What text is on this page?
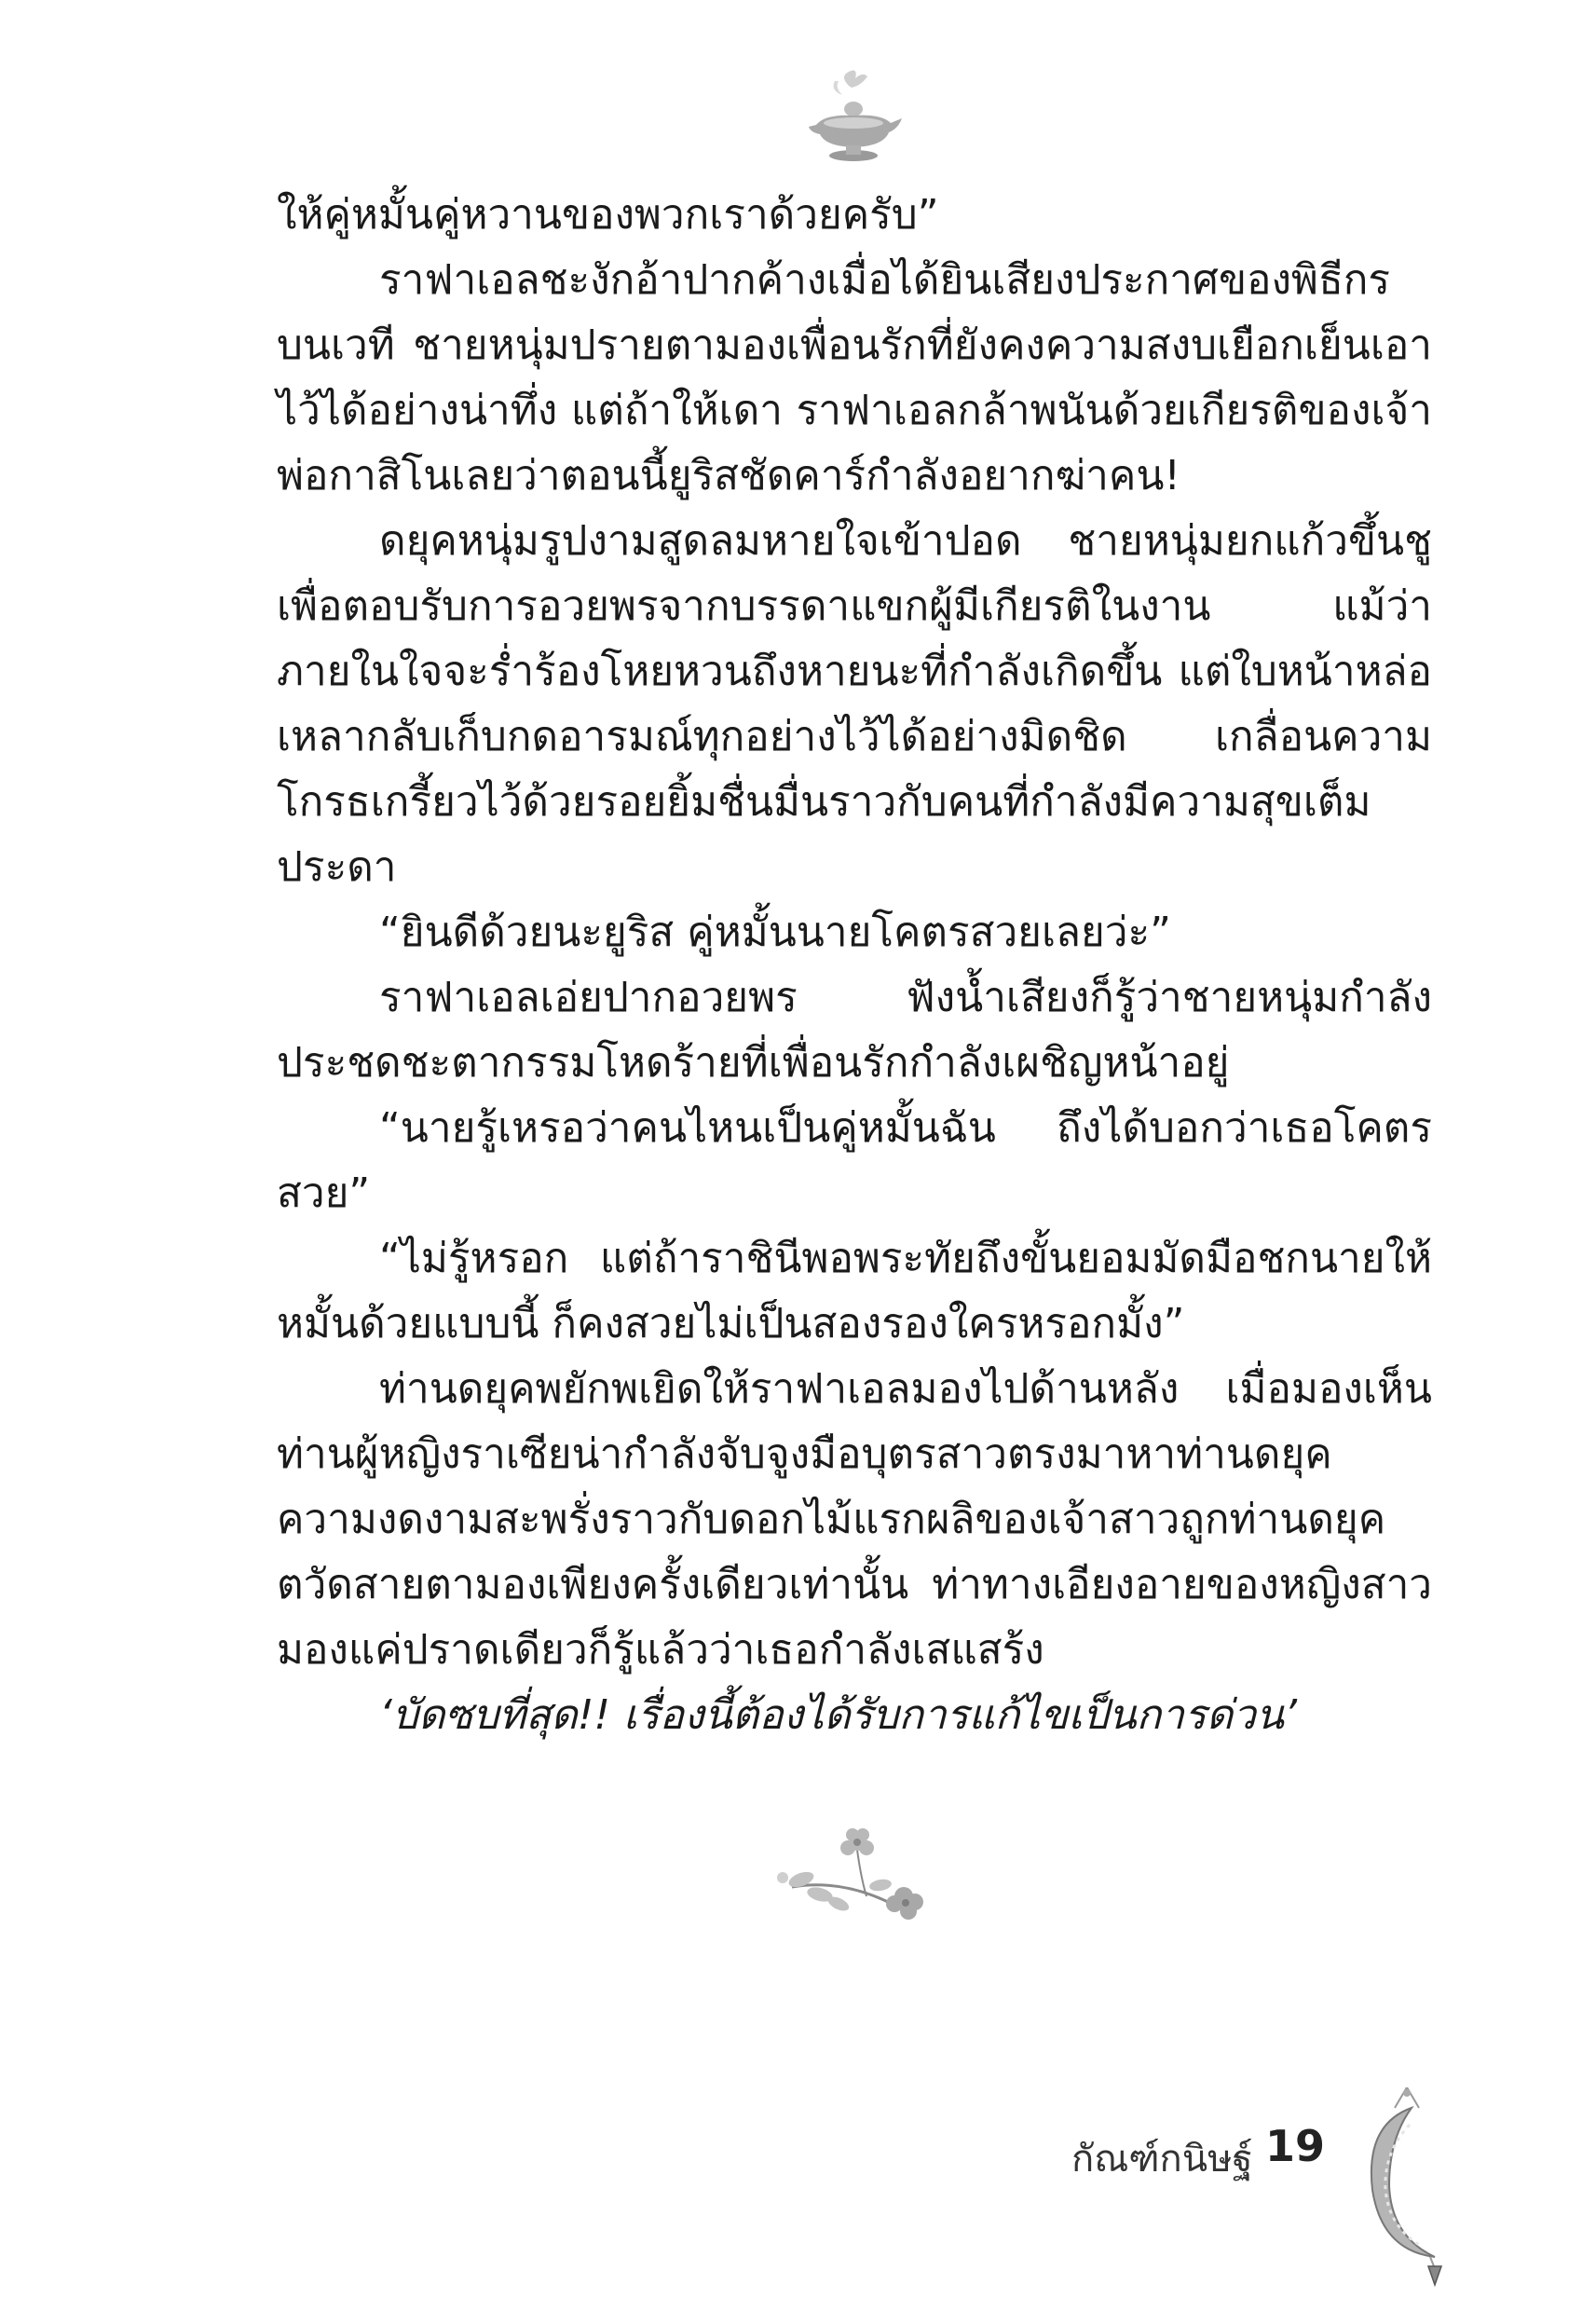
ให้คู่หมั้นคู่หวานของพวกเราด้วยครับ”

ราฟาเอลชะงักอ้าปากค้างเมื่อได้ยินเสียงประกาศของพิธีกรบนเวที ชายหนุ่มปรายตามองเพื่อนรักที่ยังคงความสงบเยือกเย็นเอาไว้ได้อย่างน่าทึ่ง แต่ถ้าให้เดา ราฟาเอลกล้าพนันด้วยเกียรติของเจ้าพ่อกาสิโนเลยว่าตอนนี้ยูริสชัดคาร์กำลังอยากฆ่าคน!

ดยุคหนุ่มรูปงามสูดลมหายใจเข้าปอด ชายหนุ่มยกแก้วขึ้นชูเพื่อตอบรับการอวยพรจากบรรดาแขกผู้มีเกียรติในงาน แม้ว่าภายในใจจะร่ำร้องโหยหวนถึงหายนะที่กำลังเกิดขึ้น แต่ใบหน้าหล่อเหลากลับเก็บกดอารมณ์ทุกอย่างไว้ได้อย่างมิดชิด เกลื่อนความโกรธเกรี้ยวไว้ด้วยรอยยิ้มชื่นมื่นราวกับคนที่กำลังมีความสุขเต็มประดา

“ยินดีด้วยนะยูริส คู่หมั้นนายโคตรสวยเลยว่ะ”

ราฟาเอลเอ่ยปากอวยพร ฟังน้ำเสียงก็รู้ว่าชายหนุ่มกำลังประชดชะตากรรมโหดร้ายที่เพื่อนรักกำลังเผชิญหน้าอยู่

“นายรู้เหรอว่าคนไหนเป็นคู่หมั้นฉัน ถึงได้บอกว่าเธอโคตรสวย”

“ไม่รู้หรอก แต่ถ้าราชินีพอพระทัยถึงขั้นยอมมัดมือชกนายให้หมั้นด้วยแบบนี้ ก็คงสวยไม่เป็นสองรองใครหรอกมั้ง”

ท่านดยุคพยักพเยิดให้ราฟาเอลมองไปด้านหลัง เมื่อมองเห็นท่านผู้หญิงราเซียน่ากำลังจับจูงมือบุตรสาวตรงมาหาท่านดยุค ความงดงามสะพรั่งราวกับดอกไม้แรกผลิของเจ้าสาวถูกท่านดยุคตวัดสายตามองเพียงครั้งเดียวเท่านั้น ท่าทางเอียงอายของหญิงสาวมองแค่ปราดเดียวก็รู้แล้วว่าเธอกำลังเสแสร้ง

‘บัดซบที่สุด!! เรื่องนี้ต้องได้รับการแก้ไขเป็นการด่วน’

กัณฑ์กนิษฐ์ 19
